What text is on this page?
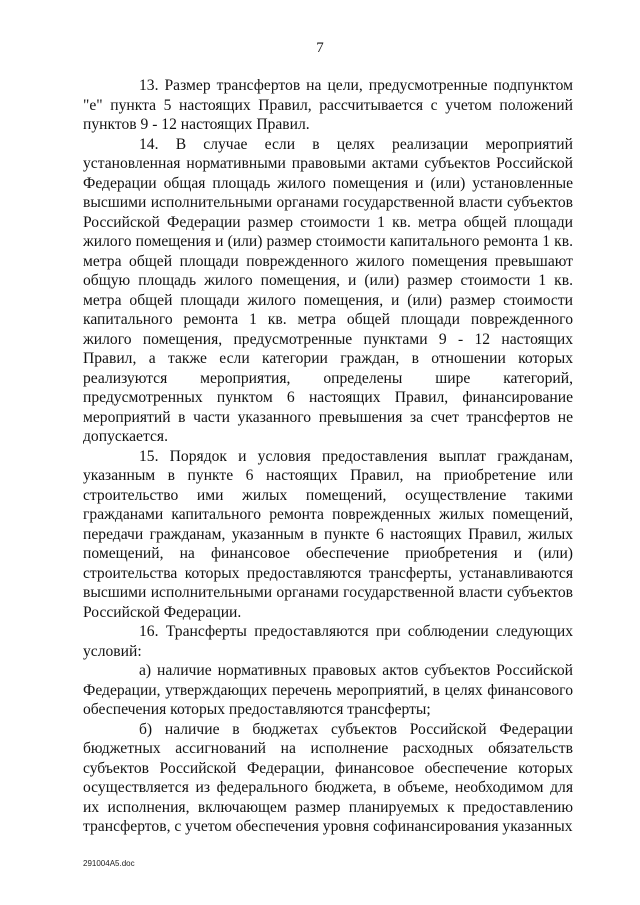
7

13. Размер трансфертов на цели, предусмотренные подпунктом "е" пункта 5 настоящих Правил, рассчитывается с учетом положений пунктов 9 - 12 настоящих Правил.

14. В случае если в целях реализации мероприятий установленная нормативными правовыми актами субъектов Российской Федерации общая площадь жилого помещения и (или) установленные высшими исполнительными органами государственной власти субъектов Российской Федерации размер стоимости 1 кв. метра общей площади жилого помещения и (или) размер стоимости капитального ремонта 1 кв. метра общей площади поврежденного жилого помещения превышают общую площадь жилого помещения, и (или) размер стоимости 1 кв. метра общей площади жилого помещения, и (или) размер стоимости капитального ремонта 1 кв. метра общей площади поврежденного жилого помещения, предусмотренные пунктами 9 - 12 настоящих Правил, а также если категории граждан, в отношении которых реализуются мероприятия, определены шире категорий, предусмотренных пунктом 6 настоящих Правил, финансирование мероприятий в части указанного превышения за счет трансфертов не допускается.

15. Порядок и условия предоставления выплат гражданам, указанным в пункте 6 настоящих Правил, на приобретение или строительство ими жилых помещений, осуществление такими гражданами капитального ремонта поврежденных жилых помещений, передачи гражданам, указанным в пункте 6 настоящих Правил, жилых помещений, на финансовое обеспечение приобретения и (или) строительства которых предоставляются трансферты, устанавливаются высшими исполнительными органами государственной власти субъектов Российской Федерации.

16. Трансферты предоставляются при соблюдении следующих условий:

а) наличие нормативных правовых актов субъектов Российской Федерации, утверждающих перечень мероприятий, в целях финансового обеспечения которых предоставляются трансферты;

б) наличие в бюджетах субъектов Российской Федерации бюджетных ассигнований на исполнение расходных обязательств субъектов Российской Федерации, финансовое обеспечение которых осуществляется из федерального бюджета, в объеме, необходимом для их исполнения, включающем размер планируемых к предоставлению трансфертов, с учетом обеспечения уровня софинансирования указанных

291004A5.doc
